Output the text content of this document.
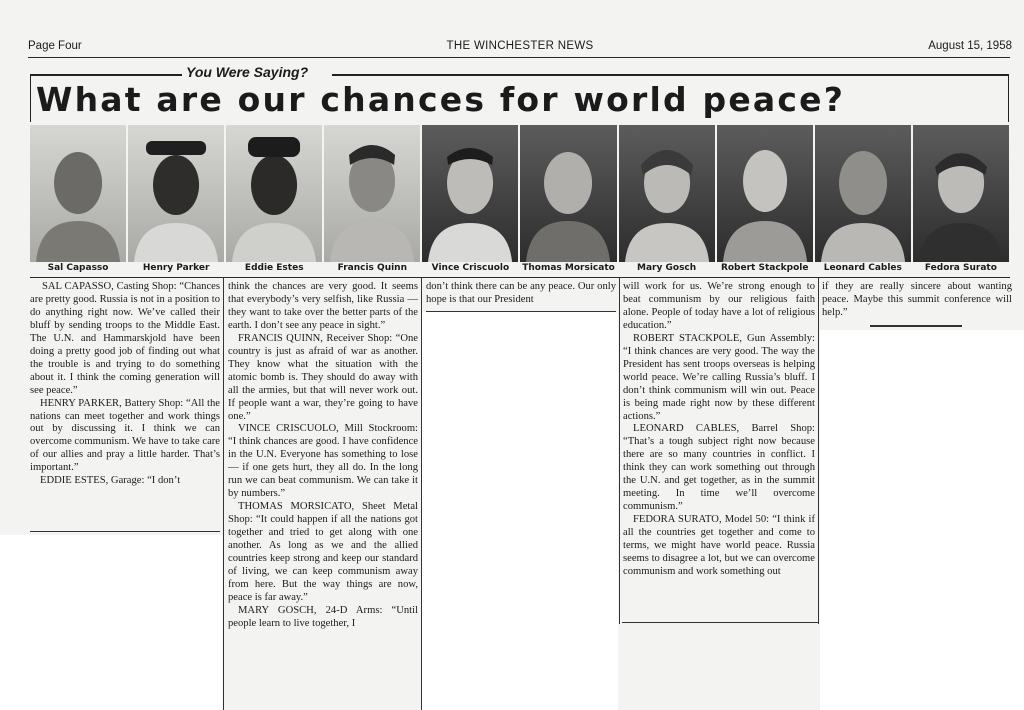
Page Four	THE WINCHESTER NEWS	August 15, 1958
You Were Saying?
What are our chances for world peace?
Sal Capasso	Henry Parker	Eddie Estes	Francis Quinn	Vince Criscuolo	Thomas Morsicato	Mary Gosch	Robert Stackpole	Leonard Cables	Fedora Surato

SAL CAPASSO, Casting Shop: “Chances are pretty good. Russia is not in a position to do anything right now. We’ve called their bluff by sending troops to the Middle East. The U.N. and Hammarskjold have been doing a pretty good job of finding out what the trouble is and trying to do something about it. I think the coming generation will see peace.”

HENRY PARKER, Battery Shop: “All the nations can meet together and work things out by discussing it. I think we can overcome communism. We have to take care of our allies and pray a little harder. That’s important.”

EDDIE ESTES, Garage: “I don’t

think the chances are very good. It seems that everybody’s very selfish, like Russia — they want to take over the better parts of the earth. I don’t see any peace in sight.”

FRANCIS QUINN, Receiver Shop: “One country is just as afraid of war as another. They know what the situation with the atomic bomb is. They should do away with all the armies, but that will never work out. If people want a war, they’re going to have one.”

VINCE CRISCUOLO, Mill Stockroom: “I think chances are good. I have confidence in the U.N. Everyone has something to lose — if one gets hurt, they all do. In the long run we can beat communism. We can take it by numbers.”

THOMAS MORSICATO, Sheet Metal Shop: “It could happen if all the nations got together and tried to get along with one another. As long as we and the allied countries keep strong and keep our standard of living, we can keep communism away from here. But the way things are now, peace is far away.”

MARY GOSCH, 24-D Arms: “Until people learn to live together, I

don’t think there can be any peace. Our only hope is that our President

will work for us. We’re strong enough to beat communism by our religious faith alone. People of today have a lot of religious education.”

ROBERT STACKPOLE, Gun Assembly: “I think chances are very good. The way the President has sent troops overseas is helping world peace. We’re calling Russia’s bluff. I don’t think communism will win out. Peace is being made right now by these different actions.”

LEONARD CABLES, Barrel Shop: “That’s a tough subject right now because there are so many countries in conflict. I think they can work something out through the U.N. and get together, as in the summit meeting. In time we’ll overcome communism.”

FEDORA SURATO, Model 50: “I think if all the countries get together and come to terms, we might have world peace. Russia seems to disagree a lot, but we can overcome communism and work something out

if they are really sincere about wanting peace. Maybe this summit conference will help.”
